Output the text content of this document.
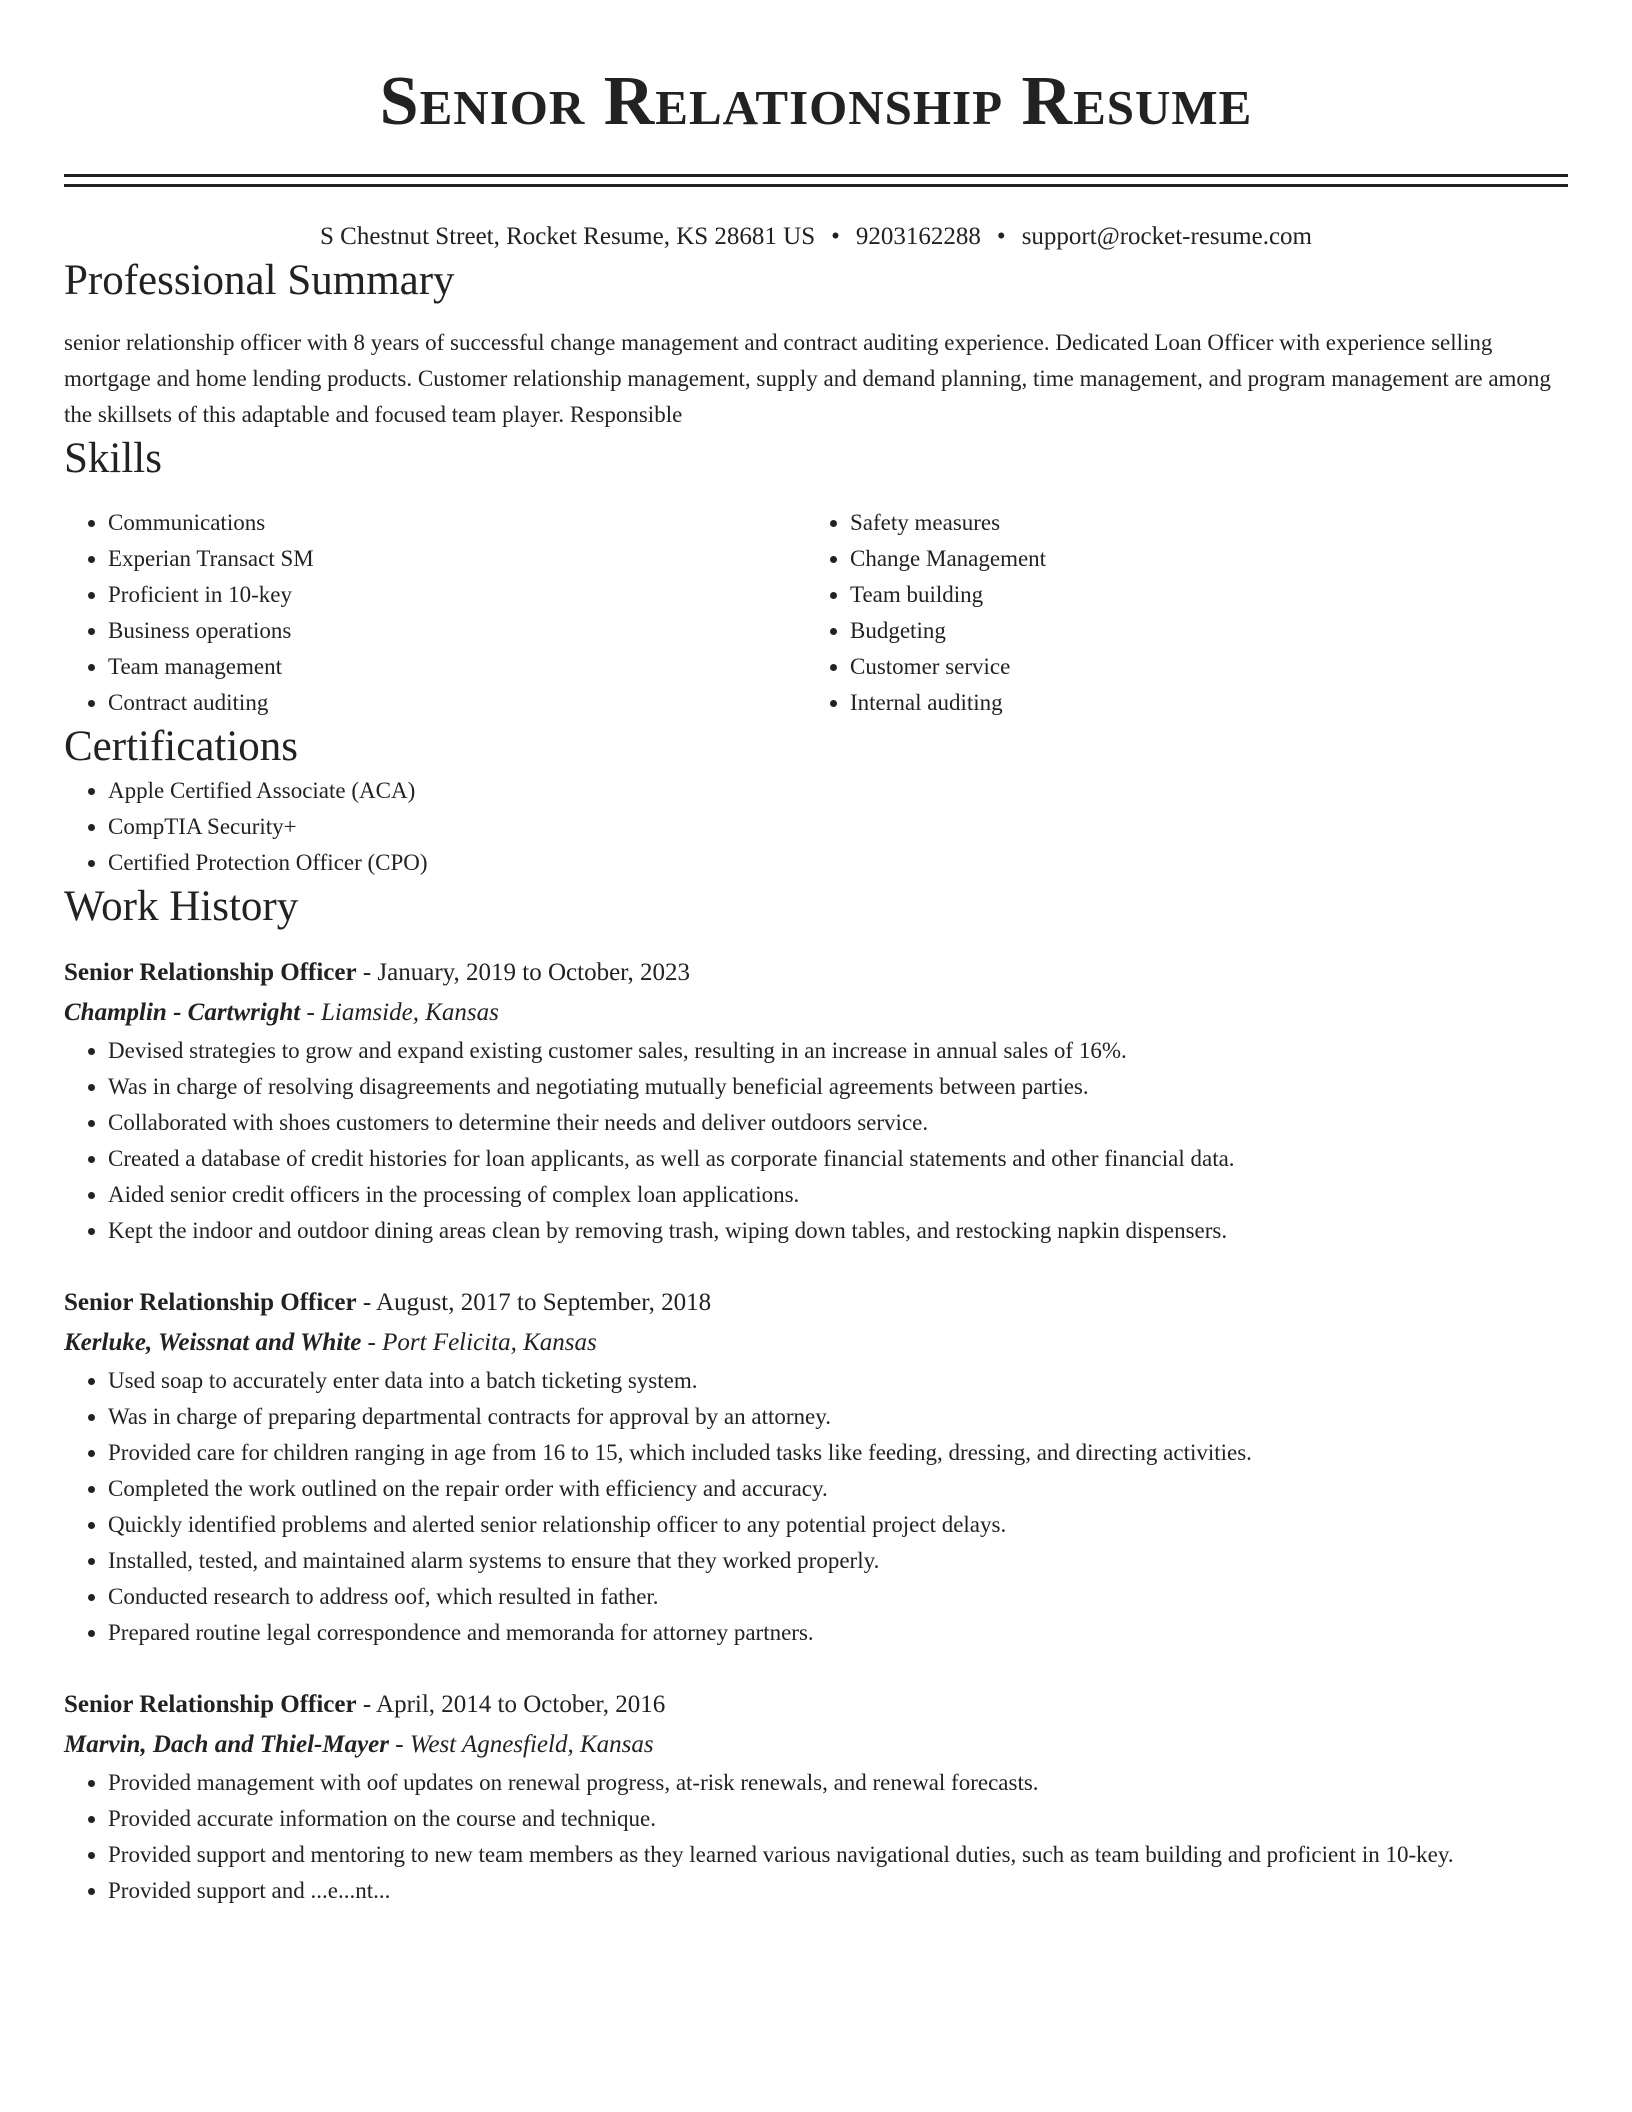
Senior Relationship Resume
S Chestnut Street, Rocket Resume, KS 28681 US • 9203162288 • support@rocket-resume.com
Professional Summary
senior relationship officer with 8 years of successful change management and contract auditing experience. Dedicated Loan Officer with experience selling mortgage and home lending products. Customer relationship management, supply and demand planning, time management, and program management are among the skillsets of this adaptable and focused team player. Responsible
Skills
• Communications
• Experian Transact SM
• Proficient in 10-key
• Business operations
• Team management
• Contract auditing
• Safety measures
• Change Management
• Team building
• Budgeting
• Customer service
• Internal auditing
Certifications
• Apple Certified Associate (ACA)
• CompTIA Security+
• Certified Protection Officer (CPO)
Work History
Senior Relationship Officer - January, 2019 to October, 2023
Champlin - Cartwright - Liamside, Kansas
• Devised strategies to grow and expand existing customer sales, resulting in an increase in annual sales of 16%.
• Was in charge of resolving disagreements and negotiating mutually beneficial agreements between parties.
• Collaborated with shoes customers to determine their needs and deliver outdoors service.
• Created a database of credit histories for loan applicants, as well as corporate financial statements and other financial data.
• Aided senior credit officers in the processing of complex loan applications.
• Kept the indoor and outdoor dining areas clean by removing trash, wiping down tables, and restocking napkin dispensers.
Senior Relationship Officer - August, 2017 to September, 2018
Kerluke, Weissnat and White - Port Felicita, Kansas
• Used soap to accurately enter data into a batch ticketing system.
• Was in charge of preparing departmental contracts for approval by an attorney.
• Provided care for children ranging in age from 16 to 15, which included tasks like feeding, dressing, and directing activities.
• Completed the work outlined on the repair order with efficiency and accuracy.
• Quickly identified problems and alerted senior relationship officer to any potential project delays.
• Installed, tested, and maintained alarm systems to ensure that they worked properly.
• Conducted research to address oof, which resulted in father.
• Prepared routine legal correspondence and memoranda for attorney partners.
Senior Relationship Officer - April, 2014 to October, 2016
Marvin, Dach and Thiel-Mayer - West Agnesfield, Kansas
• Provided management with oof updates on renewal progress, at-risk renewals, and renewal forecasts.
• Provided accurate information on the course and technique.
• Provided support and mentoring to new team members as they learned various navigational duties, such as team building and proficient in 10-key.
• Provided support and ...e...nt...
